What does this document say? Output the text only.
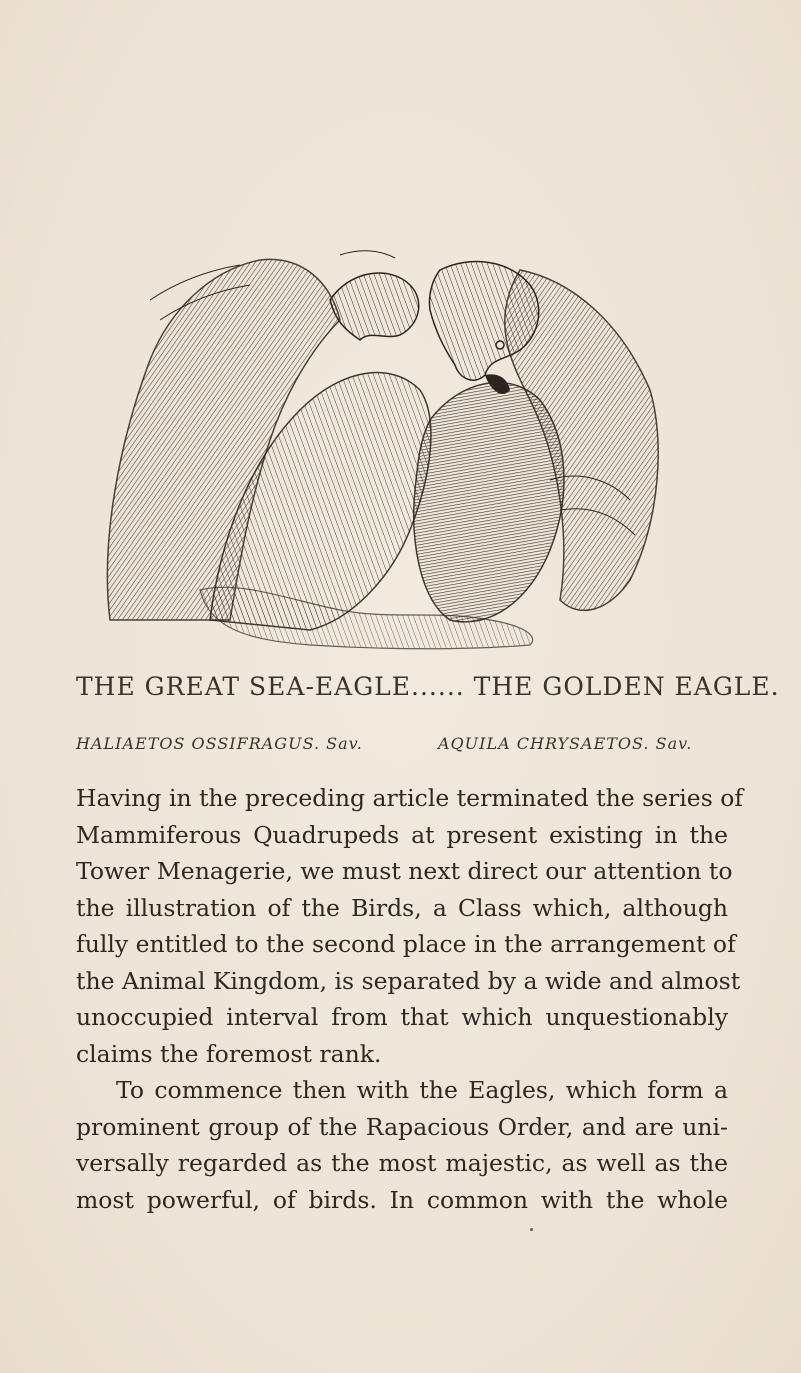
THE GREAT SEA-EAGLE...... THE GOLDEN EAGLE.
HALIAETOS OSSIFRAGUS. Sav.	AQUILA CHRYSAETOS. Sav.
Having in the preceding article terminated the series of
Mammiferous Quadrupeds at present existing in the
Tower Menagerie, we must next direct our attention to
the illustration of the Birds, a Class which, although
fully entitled to the second place in the arrangement of
the Animal Kingdom, is separated by a wide and almost
unoccupied interval from that which unquestionably
claims the foremost rank.
To commence then with the Eagles, which form a
prominent group of the Rapacious Order, and are uni-
versally regarded as the most majestic, as well as the
most powerful, of birds. In common with the whole
